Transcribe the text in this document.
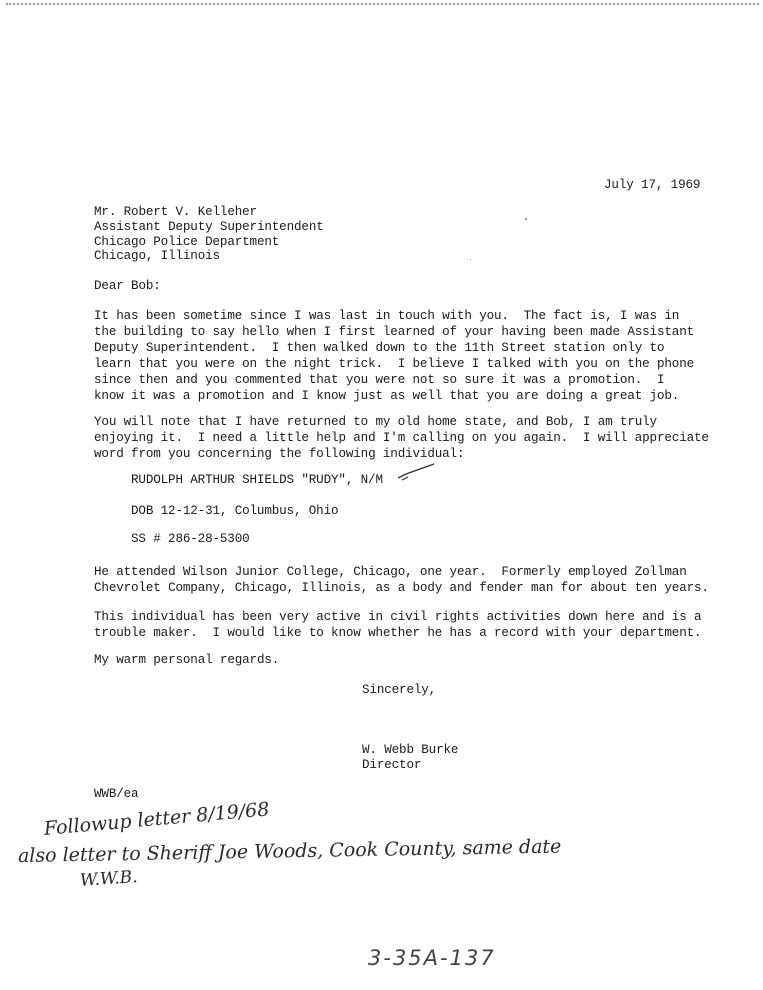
July 17, 1969
Mr. Robert V. Kelleher
Assistant Deputy Superintendent
Chicago Police Department
Chicago, Illinois
Dear Bob:
It has been sometime since I was last in touch with you.  The fact is, I was in
the building to say hello when I first learned of your having been made Assistant
Deputy Superintendent.  I then walked down to the 11th Street station only to
learn that you were on the night trick.  I believe I talked with you on the phone
since then and you commented that you were not so sure it was a promotion.  I
know it was a promotion and I know just as well that you are doing a great job.
You will note that I have returned to my old home state, and Bob, I am truly
enjoying it.  I need a little help and I'm calling on you again.  I will appreciate
word from you concerning the following individual:
RUDOLPH ARTHUR SHIELDS "RUDY", N/M
DOB 12-12-31, Columbus, Ohio
SS # 286-28-5300
He attended Wilson Junior College, Chicago, one year.  Formerly employed Zollman
Chevrolet Company, Chicago, Illinois, as a body and fender man for about ten years.
This individual has been very active in civil rights activities down here and is a
trouble maker.  I would like to know whether he has a record with your department.
My warm personal regards.
Sincerely,
W. Webb Burke
Director
WWB/ea
Followup letter 8/19/68
also letter to Sheriff Joe Woods, Cook County, same date
W.W.B.
3-35A-137
